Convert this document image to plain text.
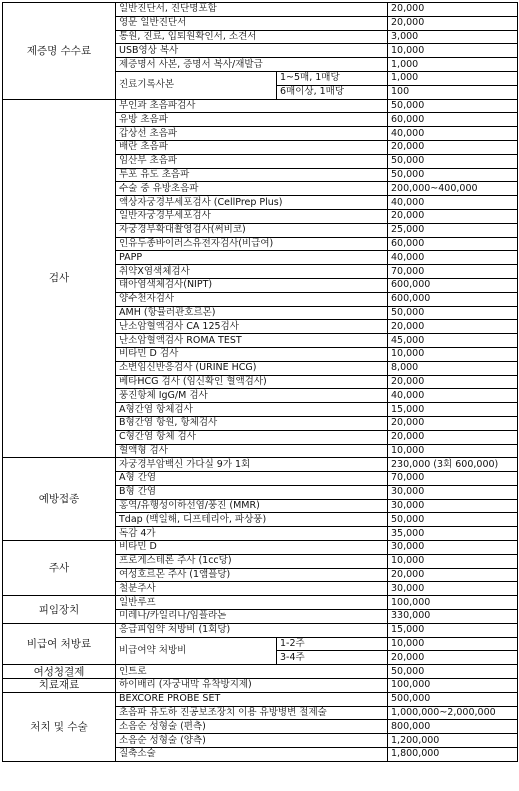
제증명 수수료	일반진단서, 진단명포함		20,000
	영문 일반진단서		20,000
	통원, 진료, 입퇴원확인서, 소견서		3,000
	USB영상 복사		10,000
	제증명서 사본, 증명서 복사/재발급		1,000
	진료기록사본	1~5매, 1매당	1,000
		6매이상, 1매당	100
검사	부인과 초음파검사		50,000
	유방 초음파		60,000
	갑상선 초음파		40,000
	배란 초음파		20,000
	임산부 초음파		50,000
	투포 유도 초음파		50,000
	수술 중 유방초음파		200,000~400,000
	액상자궁경부세포검사 (CellPrep Plus)		40,000
	일반자궁경부세포검사		20,000
	자궁경부확대촬영검사(써비코)		25,000
	인유두종바이러스유전자검사(비급여)		60,000
	PAPP		40,000
	취약X염색체검사		70,000
	태아염색체검사(NIPT)		600,000
	양수천자검사		600,000
	AMH (항뮬러관호르몬)		50,000
	난소암혈액검사 CA 125검사		20,000
	난소암혈액검사 ROMA TEST		45,000
	비타민 D 검사		10,000
	소변임신반응검사 (URINE HCG)		8,000
	베타HCG 검사 (임신확인 혈액검사)		20,000
	풍진항체 IgG/M 검사		40,000
	A형간염 항체검사		15,000
	B형간염 항원, 항체검사		20,000
	C형간염 항체 검사		20,000
	혈액형 검사		10,000
예방접종	자궁경부암백신 가다실 9가 1회		230,000 (3회 600,000)
	A형 간염		70,000
	B형 간염		30,000
	홍역/유행성이하선염/풍진 (MMR)		30,000
	Tdap (백일해, 디프테리아, 파상풍)		50,000
	독감 4가		35,000
주사	비타민 D		30,000
	프로게스테론 주사 (1cc당)		10,000
	여성호르몬 주사 (1앰플당)		20,000
	철분주사		30,000
피임장치	일반루프		100,000
	미레나/카일리나/임플라논		330,000
비급여 처방료	응급피임약 처방비 (1회당)		15,000
	비급여약 처방비	1-2주	10,000
		3-4주	20,000
여성청결제	인트로		50,000
치료재료	하이배리 (자궁내막 유착방지제)		100,000
처치 및 수술	BEXCORE PROBE SET		500,000
	초음파 유도하 진공보조장치 이용 유방병변 절제술		1,000,000~2,000,000
	소음순 성형술 (편측)		800,000
	소음순 성형술 (양측)		1,200,000
	질축소술		1,800,000
